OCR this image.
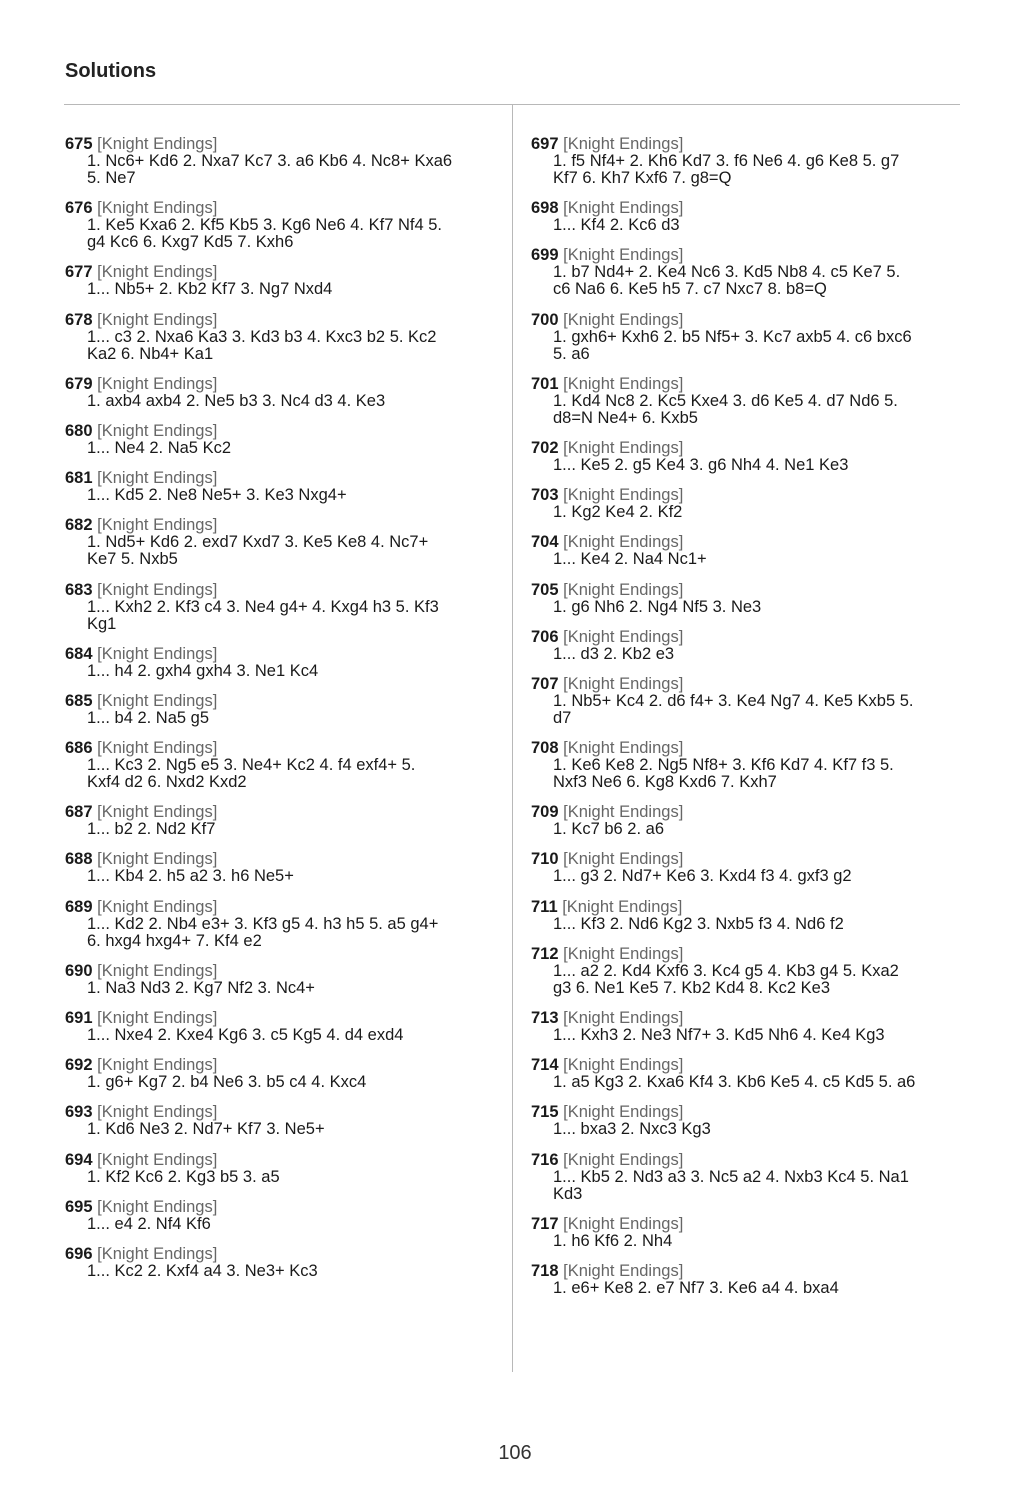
Solutions
675 [Knight Endings]
1. Nc6+ Kd6 2. Nxa7 Kc7 3. a6 Kb6 4. Nc8+ Kxa6
5. Ne7
676 [Knight Endings]
1. Ke5 Kxa6 2. Kf5 Kb5 3. Kg6 Ne6 4. Kf7 Nf4 5.
g4 Kc6 6. Kxg7 Kd5 7. Kxh6
677 [Knight Endings]
1... Nb5+ 2. Kb2 Kf7 3. Ng7 Nxd4
678 [Knight Endings]
1... c3 2. Nxa6 Ka3 3. Kd3 b3 4. Kxc3 b2 5. Kc2
Ka2 6. Nb4+ Ka1
679 [Knight Endings]
1. axb4 axb4 2. Ne5 b3 3. Nc4 d3 4. Ke3
680 [Knight Endings]
1... Ne4 2. Na5 Kc2
681 [Knight Endings]
1... Kd5 2. Ne8 Ne5+ 3. Ke3 Nxg4+
682 [Knight Endings]
1. Nd5+ Kd6 2. exd7 Kxd7 3. Ke5 Ke8 4. Nc7+
Ke7 5. Nxb5
683 [Knight Endings]
1... Kxh2 2. Kf3 c4 3. Ne4 g4+ 4. Kxg4 h3 5. Kf3
Kg1
684 [Knight Endings]
1... h4 2. gxh4 gxh4 3. Ne1 Kc4
685 [Knight Endings]
1... b4 2. Na5 g5
686 [Knight Endings]
1... Kc3 2. Ng5 e5 3. Ne4+ Kc2 4. f4 exf4+ 5.
Kxf4 d2 6. Nxd2 Kxd2
687 [Knight Endings]
1... b2 2. Nd2 Kf7
688 [Knight Endings]
1... Kb4 2. h5 a2 3. h6 Ne5+
689 [Knight Endings]
1... Kd2 2. Nb4 e3+ 3. Kf3 g5 4. h3 h5 5. a5 g4+
6. hxg4 hxg4+ 7. Kf4 e2
690 [Knight Endings]
1. Na3 Nd3 2. Kg7 Nf2 3. Nc4+
691 [Knight Endings]
1... Nxe4 2. Kxe4 Kg6 3. c5 Kg5 4. d4 exd4
692 [Knight Endings]
1. g6+ Kg7 2. b4 Ne6 3. b5 c4 4. Kxc4
693 [Knight Endings]
1. Kd6 Ne3 2. Nd7+ Kf7 3. Ne5+
694 [Knight Endings]
1. Kf2 Kc6 2. Kg3 b5 3. a5
695 [Knight Endings]
1... e4 2. Nf4 Kf6
696 [Knight Endings]
1... Kc2 2. Kxf4 a4 3. Ne3+ Kc3
697 [Knight Endings]
1. f5 Nf4+ 2. Kh6 Kd7 3. f6 Ne6 4. g6 Ke8 5. g7
Kf7 6. Kh7 Kxf6 7. g8=Q
698 [Knight Endings]
1... Kf4 2. Kc6 d3
699 [Knight Endings]
1. b7 Nd4+ 2. Ke4 Nc6 3. Kd5 Nb8 4. c5 Ke7 5.
c6 Na6 6. Ke5 h5 7. c7 Nxc7 8. b8=Q
700 [Knight Endings]
1. gxh6+ Kxh6 2. b5 Nf5+ 3. Kc7 axb5 4. c6 bxc6
5. a6
701 [Knight Endings]
1. Kd4 Nc8 2. Kc5 Kxe4 3. d6 Ke5 4. d7 Nd6 5.
d8=N Ne4+ 6. Kxb5
702 [Knight Endings]
1... Ke5 2. g5 Ke4 3. g6 Nh4 4. Ne1 Ke3
703 [Knight Endings]
1. Kg2 Ke4 2. Kf2
704 [Knight Endings]
1... Ke4 2. Na4 Nc1+
705 [Knight Endings]
1. g6 Nh6 2. Ng4 Nf5 3. Ne3
706 [Knight Endings]
1... d3 2. Kb2 e3
707 [Knight Endings]
1. Nb5+ Kc4 2. d6 f4+ 3. Ke4 Ng7 4. Ke5 Kxb5 5.
d7
708 [Knight Endings]
1. Ke6 Ke8 2. Ng5 Nf8+ 3. Kf6 Kd7 4. Kf7 f3 5.
Nxf3 Ne6 6. Kg8 Kxd6 7. Kxh7
709 [Knight Endings]
1. Kc7 b6 2. a6
710 [Knight Endings]
1... g3 2. Nd7+ Ke6 3. Kxd4 f3 4. gxf3 g2
711 [Knight Endings]
1... Kf3 2. Nd6 Kg2 3. Nxb5 f3 4. Nd6 f2
712 [Knight Endings]
1... a2 2. Kd4 Kxf6 3. Kc4 g5 4. Kb3 g4 5. Kxa2
g3 6. Ne1 Ke5 7. Kb2 Kd4 8. Kc2 Ke3
713 [Knight Endings]
1... Kxh3 2. Ne3 Nf7+ 3. Kd5 Nh6 4. Ke4 Kg3
714 [Knight Endings]
1. a5 Kg3 2. Kxa6 Kf4 3. Kb6 Ke5 4. c5 Kd5 5. a6
715 [Knight Endings]
1... bxa3 2. Nxc3 Kg3
716 [Knight Endings]
1... Kb5 2. Nd3 a3 3. Nc5 a2 4. Nxb3 Kc4 5. Na1
Kd3
717 [Knight Endings]
1. h6 Kf6 2. Nh4
718 [Knight Endings]
1. e6+ Ke8 2. e7 Nf7 3. Ke6 a4 4. bxa4
106
